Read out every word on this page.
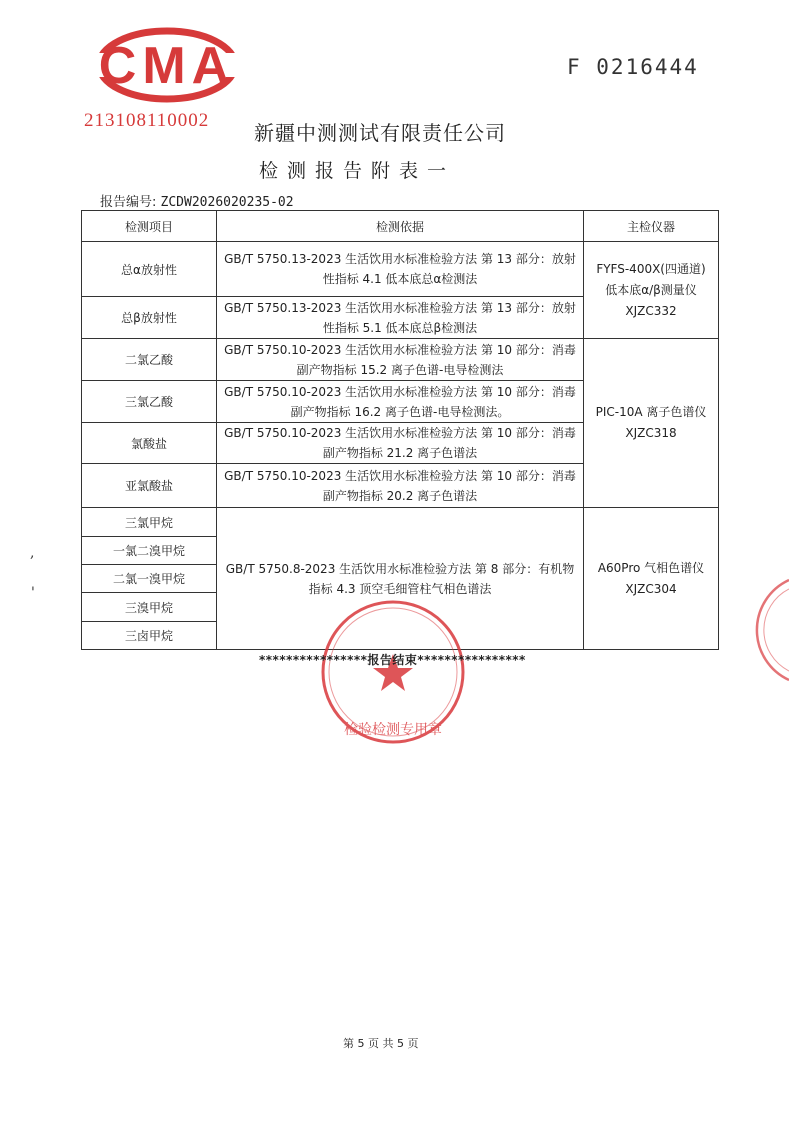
CMA
213108110002
F 0216444
新疆中测测试有限责任公司
检测报告附表一
报告编号: ZCDW2026020235-02
检测项目	检测依据	主检仪器
总α放射性	GB/T 5750.13-2023 生活饮用水标准检验方法 第 13 部分：放射性指标 4.1 低本底总α检测法	FYFS-400X(四通道)
低本底α/β测量仪
XJZC332

总β放射性	GB/T 5750.13-2023 生活饮用水标准检验方法 第 13 部分：放射性指标 5.1 低本底总β检测法	
二氯乙酸	GB/T 5750.10-2023 生活饮用水标准检验方法 第 10 部分：消毒副产物指标 15.2 离子色谱-电导检测法	PIC-10A 离子色谱仪
XJZC318

三氯乙酸	GB/T 5750.10-2023 生活饮用水标准检验方法 第 10 部分：消毒副产物指标 16.2 离子色谱-电导检测法。	
氯酸盐	GB/T 5750.10-2023 生活饮用水标准检验方法 第 10 部分：消毒副产物指标 21.2 离子色谱法	
亚氯酸盐	GB/T 5750.10-2023 生活饮用水标准检验方法 第 10 部分：消毒副产物指标 20.2 离子色谱法	
三氯甲烷	GB/T 5750.8-2023 生活饮用水标准检验方法 第 8 部分：有机物指标 4.3 顶空毛细管柱气相色谱法	A60Pro 气相色谱仪
XJZC304

一氯二溴甲烷		
二氯一溴甲烷		
三溴甲烷		
三卤甲烷		
检验检测专用章
****************报告结束****************
,
'
第 5 页 共 5 页
